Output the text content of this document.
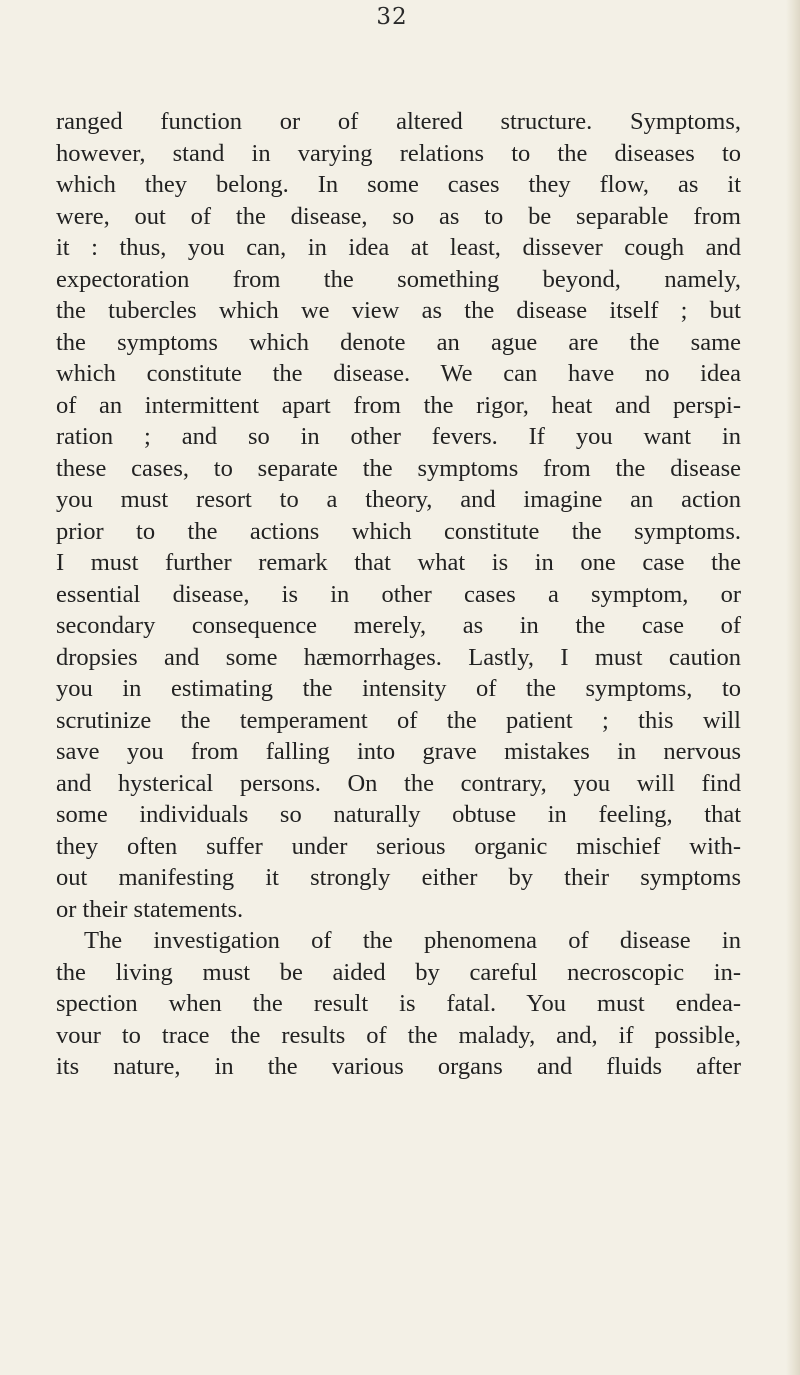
32
ranged function or of altered structure. Symptoms,
however, stand in varying relations to the diseases to
which they belong. In some cases they flow, as it
were, out of the disease, so as to be separable from
it : thus, you can, in idea at least, dissever cough and
expectoration from the something beyond, namely,
the tubercles which we view as the disease itself ; but
the symptoms which denote an ague are the same
which constitute the disease. We can have no idea
of an intermittent apart from the rigor, heat and perspi-
ration ; and so in other fevers. If you want in
these cases, to separate the symptoms from the disease
you must resort to a theory, and imagine an action
prior to the actions which constitute the symptoms.
I must further remark that what is in one case the
essential disease, is in other cases a symptom, or
secondary consequence merely, as in the case of
dropsies and some hæmorrhages. Lastly, I must caution
you in estimating the intensity of the symptoms, to
scrutinize the temperament of the patient ; this will
save you from falling into grave mistakes in nervous
and hysterical persons. On the contrary, you will find
some individuals so naturally obtuse in feeling, that
they often suffer under serious organic mischief with-
out manifesting it strongly either by their symptoms
or their statements.
The investigation of the phenomena of disease in
the living must be aided by careful necroscopic in-
spection when the result is fatal. You must endea-
vour to trace the results of the malady, and, if possible,
its nature, in the various organs and fluids after
